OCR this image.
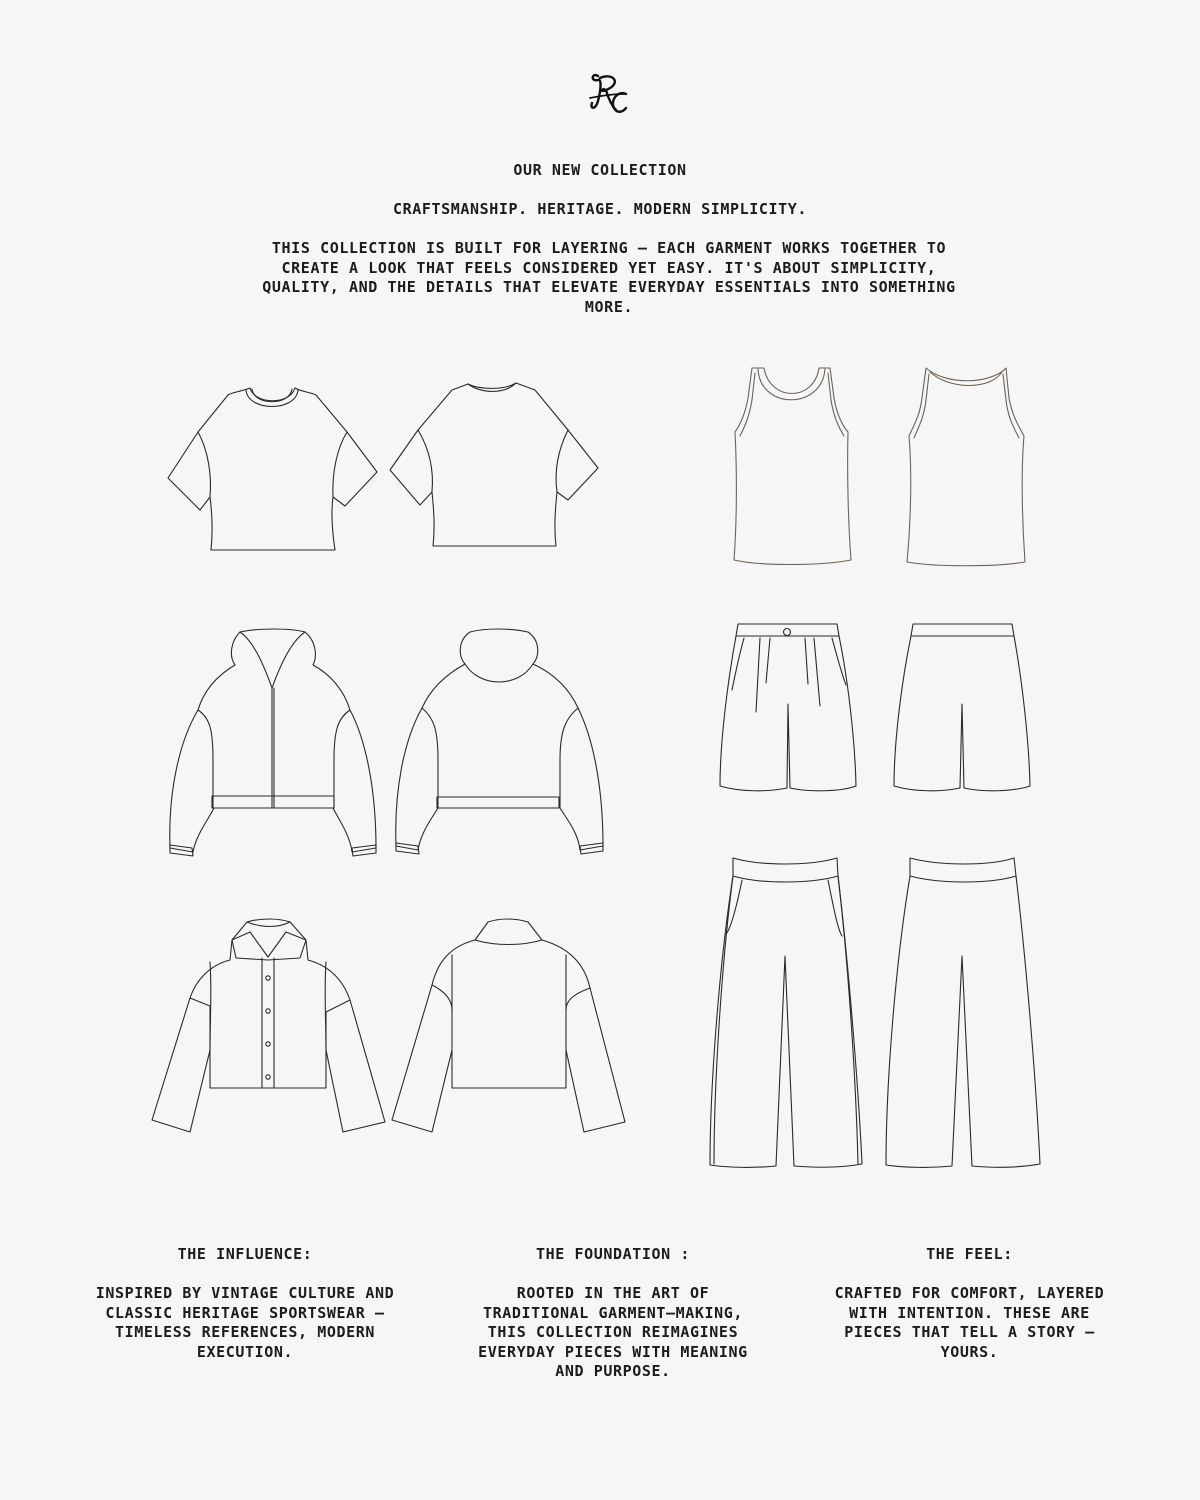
OUR NEW COLLECTION
CRAFTSMANSHIP. HERITAGE. MODERN SIMPLICITY.
THIS COLLECTION IS BUILT FOR LAYERING — EACH GARMENT WORKS TOGETHER TO CREATE A LOOK THAT FEELS CONSIDERED YET EASY. IT'S ABOUT SIMPLICITY, QUALITY, AND THE DETAILS THAT ELEVATE EVERYDAY ESSENTIALS INTO SOMETHING MORE.

THE INFLUENCE:

INSPIRED BY VINTAGE CULTURE AND CLASSIC HERITAGE SPORTSWEAR — TIMELESS REFERENCES, MODERN EXECUTION.

THE FOUNDATION :

ROOTED IN THE ART OF TRADITIONAL GARMENT—MAKING, THIS COLLECTION REIMAGINES EVERYDAY PIECES WITH MEANING AND PURPOSE.

THE FEEL:

CRAFTED FOR COMFORT, LAYERED WITH INTENTION. THESE ARE PIECES THAT TELL A STORY — YOURS.
